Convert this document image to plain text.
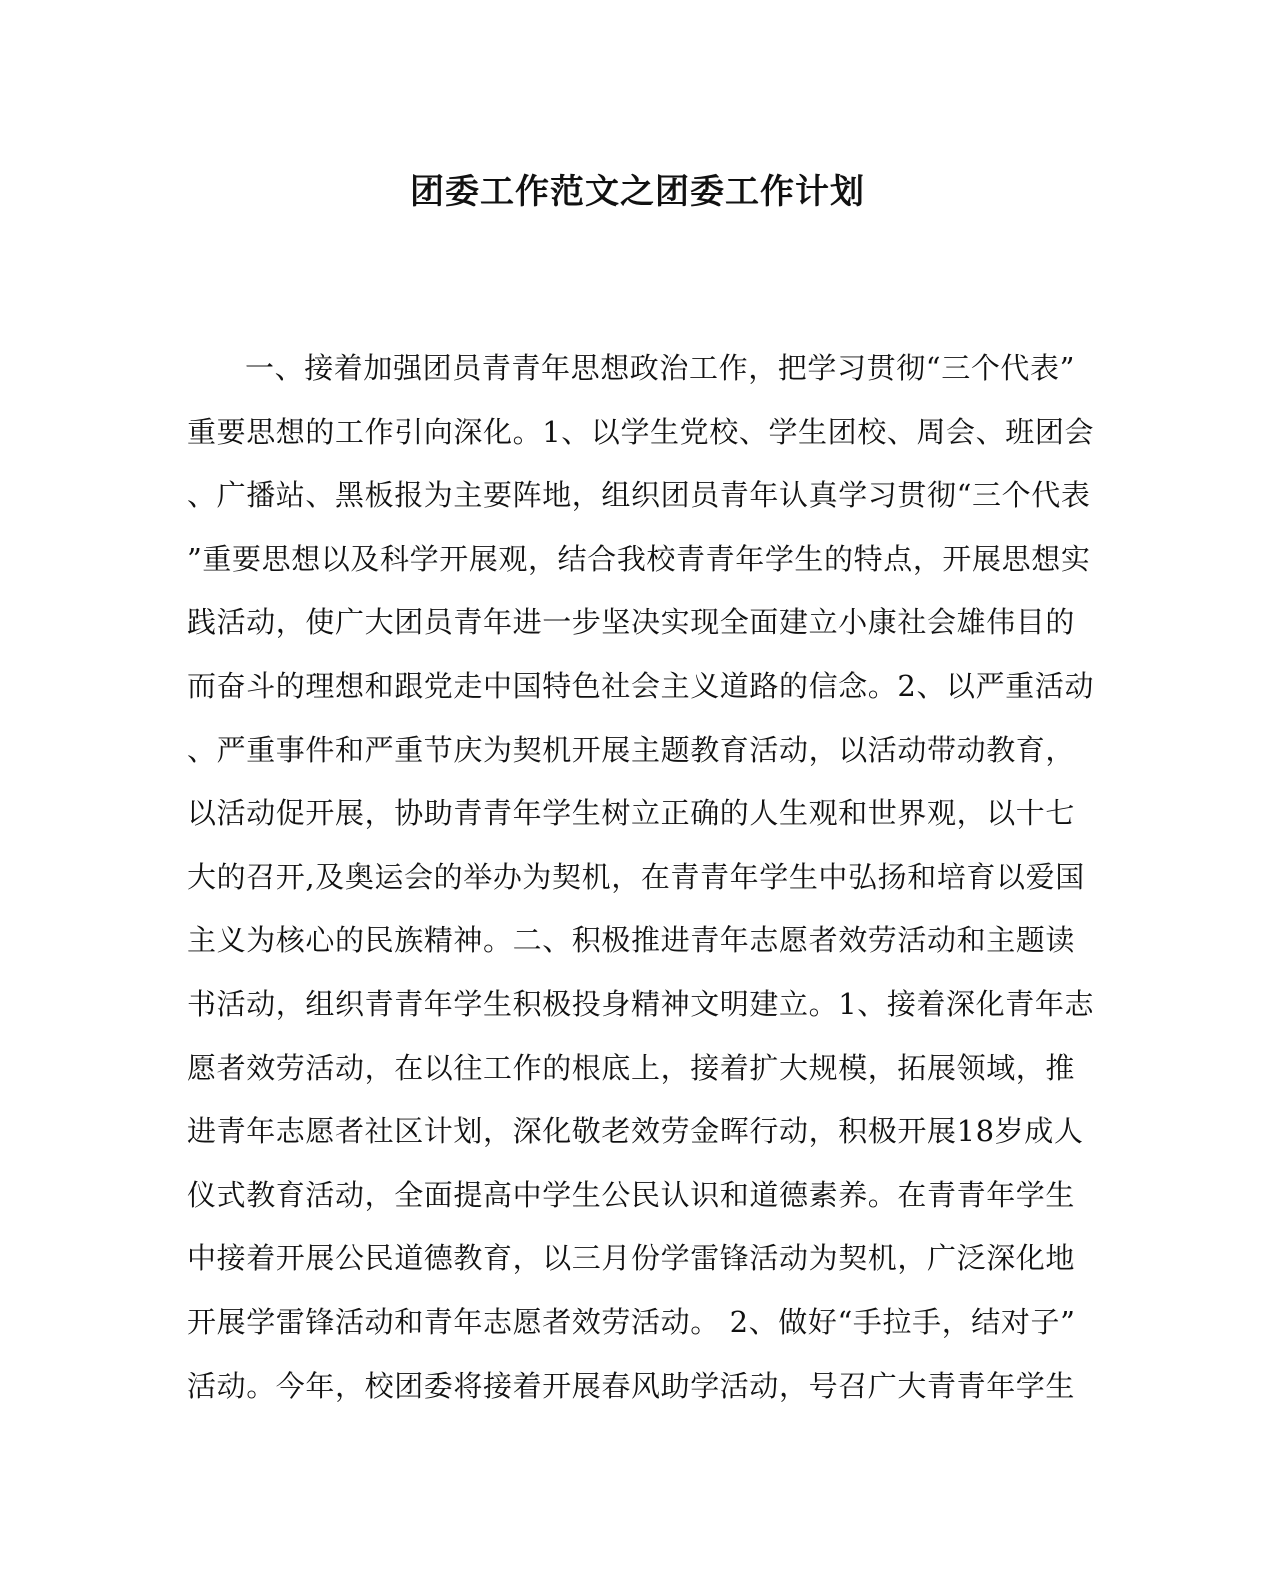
团委工作范文之团委工作计划
一、接着加强团员青青年思想政治工作，把学习贯彻“三个代表”
重要思想的工作引向深化。1、以学生党校、学生团校、周会、班团会
、广播站、黑板报为主要阵地，组织团员青年认真学习贯彻“三个代表
”重要思想以及科学开展观，结合我校青青年学生的特点，开展思想实
践活动，使广大团员青年进一步坚决实现全面建立小康社会雄伟目的
而奋斗的理想和跟党走中国特色社会主义道路的信念。2、以严重活动
、严重事件和严重节庆为契机开展主题教育活动，以活动带动教育，
以活动促开展，协助青青年学生树立正确的人生观和世界观，以十七
大的召开,及奥运会的举办为契机，在青青年学生中弘扬和培育以爱国
主义为核心的民族精神。二、积极推进青年志愿者效劳活动和主题读
书活动，组织青青年学生积极投身精神文明建立。1、接着深化青年志
愿者效劳活动，在以往工作的根底上，接着扩大规模，拓展领域，推
进青年志愿者社区计划，深化敬老效劳金晖行动，积极开展18岁成人
仪式教育活动，全面提高中学生公民认识和道德素养。在青青年学生
中接着开展公民道德教育，以三月份学雷锋活动为契机，广泛深化地
开展学雷锋活动和青年志愿者效劳活动。 2、做好“手拉手，结对子”
活动。今年，校团委将接着开展春风助学活动，号召广大青青年学生
